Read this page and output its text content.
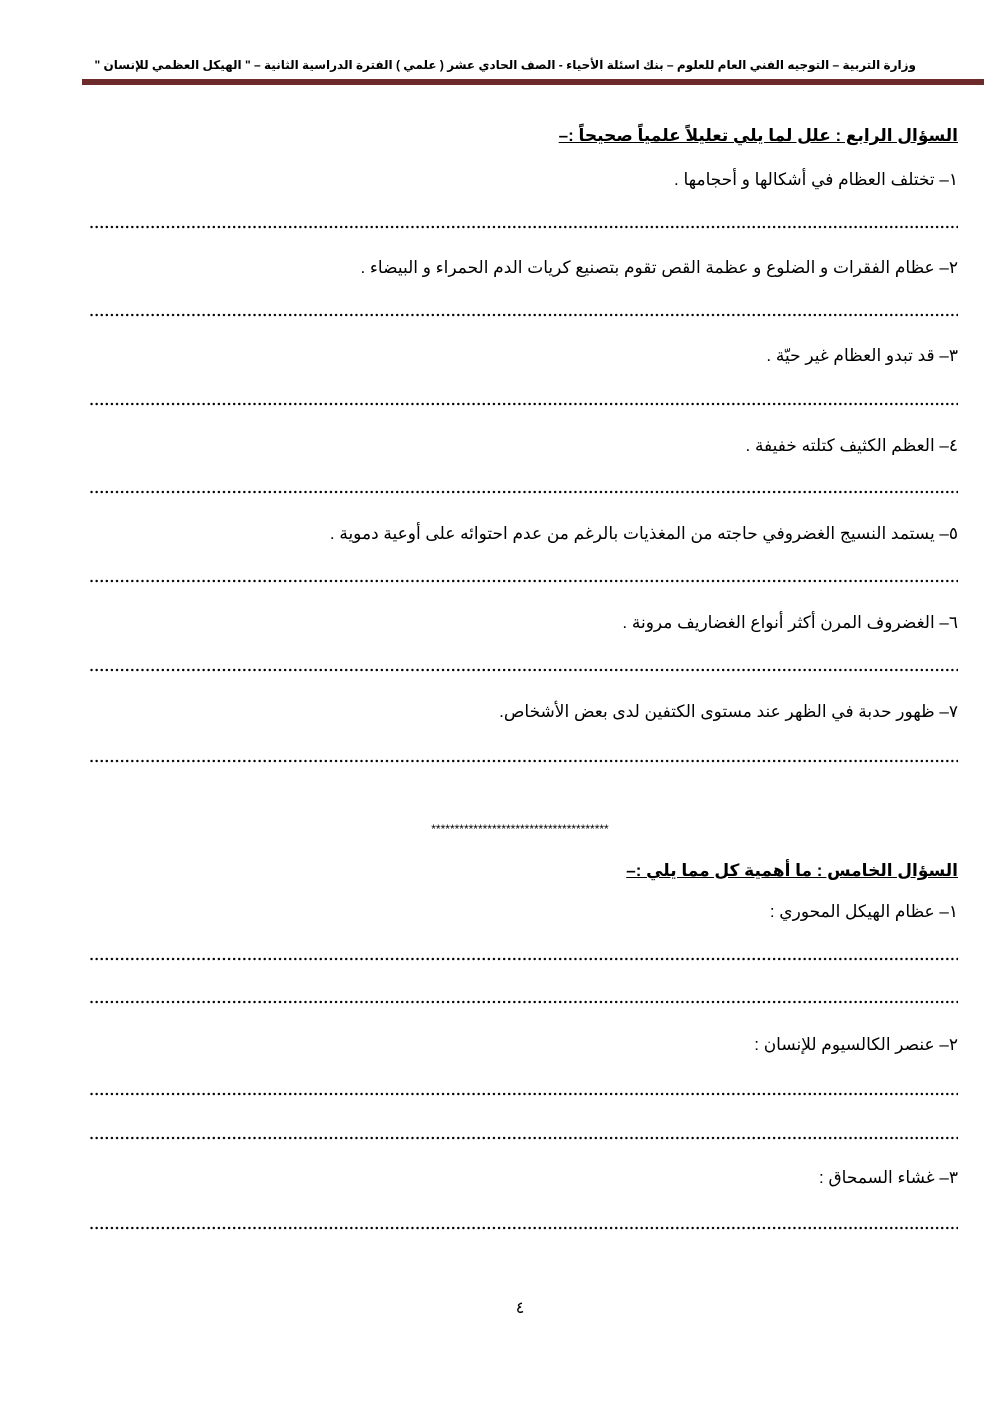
وزارة التربية – التوجيه الفني العام للعلوم – بنك اسئلة الأحياء - الصف الحادي عشر ( علمي ) الفترة الدراسية الثانية – " الهيكل العظمي للإنسان "
السؤال الرابع : علل لما يلي تعليلاً علمياً صحيحاً :–
١– تختلف العظام في أشكالها و أحجامها .
٢– عظام الفقرات و الضلوع و عظمة القص تقوم بتصنيع كريات الدم الحمراء و البيضاء .
٣– قد تبدو العظام غير حيّة .
٤– العظم الكثيف كتلته خفيفة .
٥– يستمد النسيج الغضروفي حاجته من المغذيات بالرغم من عدم احتوائه على أوعية دموية .
٦– الغضروف المرن أكثر أنواع الغضاريف مرونة .
٧– ظهور حدبة في الظهر عند مستوى الكتفين لدى بعض الأشخاص.
**************************************
السؤال الخامس : ما أهمية كل مما يلي :–
١– عظام الهيكل المحوري :
٢– عنصر الكالسيوم للإنسان :
٣– غشاء السمحاق :
٤
